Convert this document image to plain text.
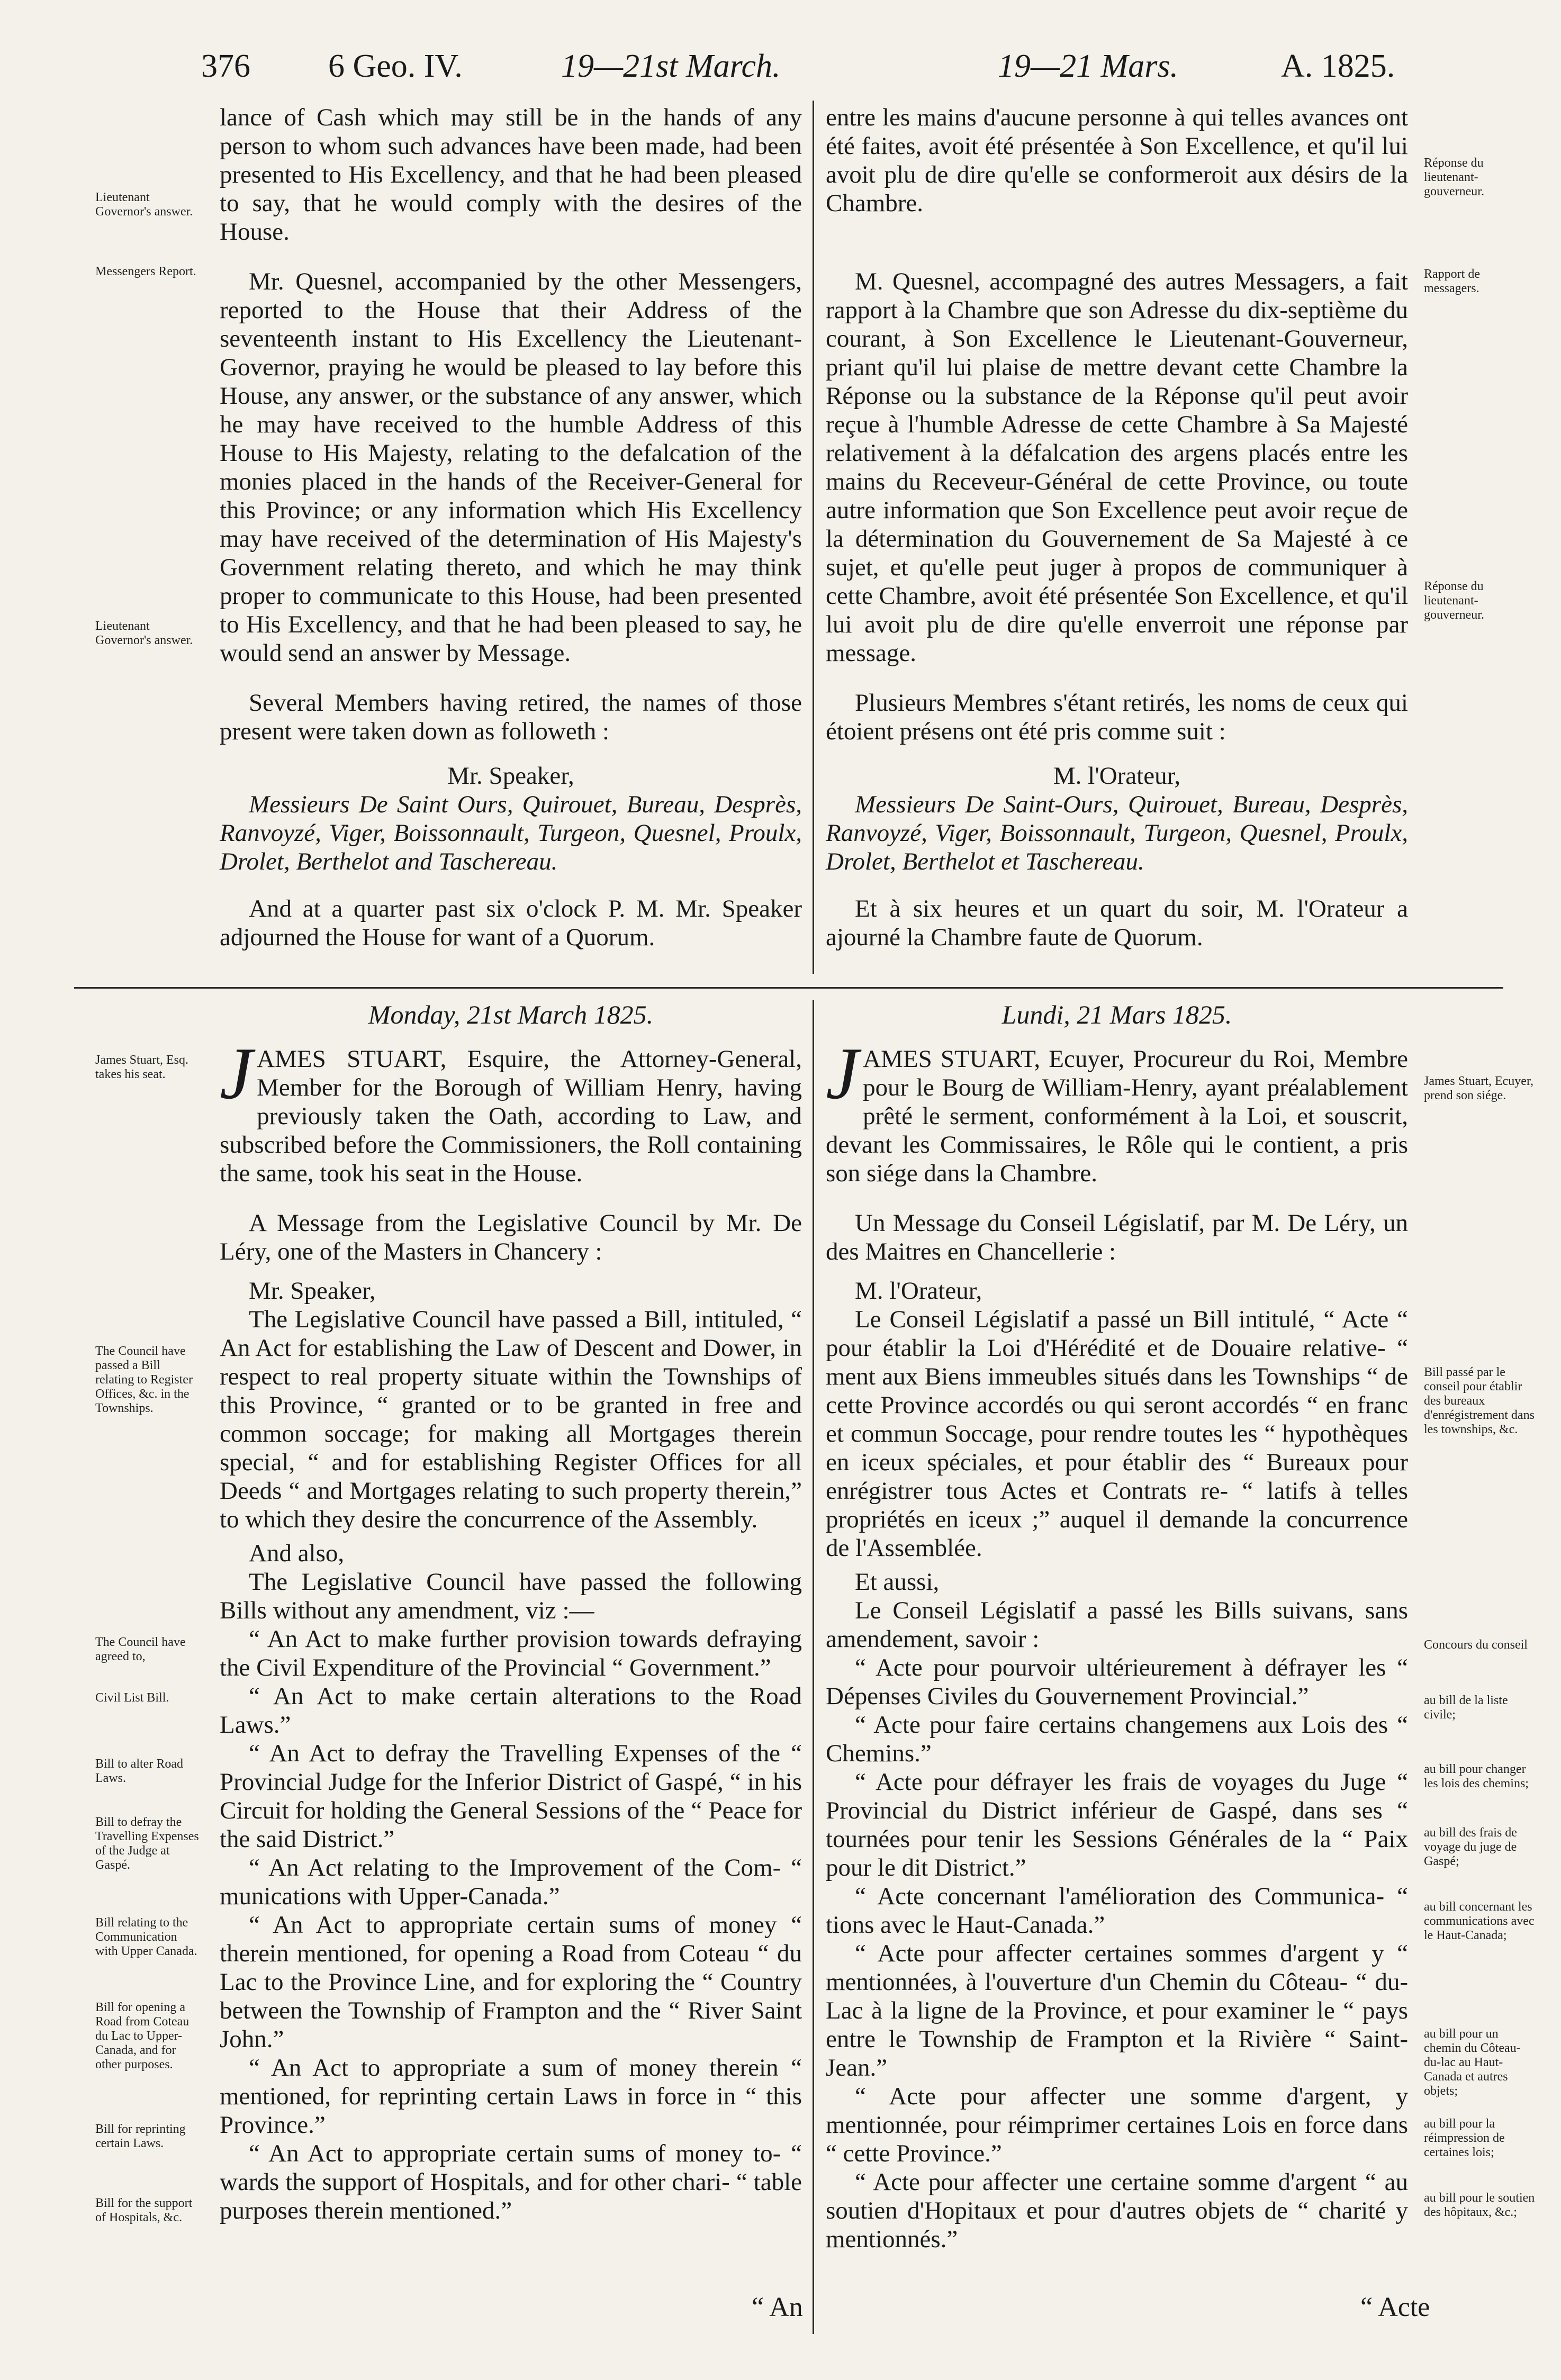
376 6 Geo. IV.	19—21st March.	19—21 Mars.	A. 1825.

lance of Cash which may still be in the hands of any person to whom such advances have been made, had been presented to His Excellency, and that he had been pleased to say, that he would comply with the desires of the House.

Mr. Quesnel, accompanied by the other Messengers, reported to the House that their Address of the seventeenth instant to His Excellency the Lieutenant-Governor, praying he would be pleased to lay before this House, any answer, or the substance of any answer, which he may have received to the humble Address of this House to His Majesty, relating to the defalcation of the monies placed in the hands of the Receiver-General for this Province; or any information which His Excellency may have received of the determination of His Majesty's Government relating thereto, and which he may think proper to communicate to this House, had been presented to His Excellency, and that he had been pleased to say, he would send an answer by Message.

Several Members having retired, the names of those present were taken down as followeth :

Mr. Speaker,

Messieurs De Saint Ours, Quirouet, Bureau, Desprès, Ranvoyzé, Viger, Boissonnault, Turgeon, Quesnel, Proulx, Drolet, Berthelot and Taschereau.

And at a quarter past six o'clock P. M. Mr. Speaker adjourned the House for want of a Quorum.

entre les mains d'aucune personne à qui telles avances ont été faites, avoit été présentée à Son Excellence, et qu'il lui avoit plu de dire qu'elle se conformeroit aux désirs de la Chambre.

M. Quesnel, accompagné des autres Messagers, a fait rapport à la Chambre que son Adresse du dix-septième du courant, à Son Excellence le Lieutenant-Gouverneur, priant qu'il lui plaise de mettre devant cette Chambre la Réponse ou la substance de la Réponse qu'il peut avoir reçue à l'humble Adresse de cette Chambre à Sa Majesté relativement à la défalcation des argens placés entre les mains du Receveur-Général de cette Province, ou toute autre information que Son Excellence peut avoir reçue de la détermination du Gouvernement de Sa Majesté à ce sujet, et qu'elle peut juger à propos de communiquer à cette Chambre, avoit été présentée Son Excellence, et qu'il lui avoit plu de dire qu'elle enverroit une réponse par message.

Plusieurs Membres s'étant retirés, les noms de ceux qui étoient présens ont été pris comme suit :

M. l'Orateur,

Messieurs De Saint-Ours, Quirouet, Bureau, Desprès, Ranvoyzé, Viger, Boissonnault, Turgeon, Quesnel, Proulx, Drolet, Berthelot et Taschereau.

Et à six heures et un quart du soir, M. l'Orateur a ajourné la Chambre faute de Quorum.

Monday, 21st March 1825.

JAMES STUART, Esquire, the Attorney-General, Member for the Borough of William Henry, having previously taken the Oath, according to Law, and subscribed before the Commissioners, the Roll containing the same, took his seat in the House.

A Message from the Legislative Council by Mr. De Léry, one of the Masters in Chancery :

Mr. Speaker,

The Legislative Council have passed a Bill, intituled, “ An Act for establishing the Law of Descent and Dower, in respect to real property situate within the Townships of this Province, “ granted or to be granted in free and common soccage; for making all Mortgages therein special, “ and for establishing Register Offices for all Deeds “ and Mortgages relating to such property therein,” to which they desire the concurrence of the Assembly.

And also,

The Legislative Council have passed the following Bills without any amendment, viz :—

“ An Act to make further provision towards defraying the Civil Expenditure of the Provincial “ Government.”

“ An Act to make certain alterations to the Road Laws.”

“ An Act to defray the Travelling Expenses of the “ Provincial Judge for the Inferior District of Gaspé, “ in his Circuit for holding the General Sessions of the “ Peace for the said District.”

“ An Act relating to the Improvement of the Com- “ munications with Upper-Canada.”

“ An Act to appropriate certain sums of money “ therein mentioned, for opening a Road from Coteau “ du Lac to the Province Line, and for exploring the “ Country between the Township of Frampton and the “ River Saint John.”

“ An Act to appropriate a sum of money therein “ mentioned, for reprinting certain Laws in force in “ this Province.”

“ An Act to appropriate certain sums of money to- “ wards the support of Hospitals, and for other chari- “ table purposes therein mentioned.”

Lundi, 21 Mars 1825.

JAMES STUART, Ecuyer, Procureur du Roi, Membre pour le Bourg de William-Henry, ayant préalablement prêté le serment, conformément à la Loi, et souscrit, devant les Commissaires, le Rôle qui le contient, a pris son siége dans la Chambre.

Un Message du Conseil Législatif, par M. De Léry, un des Maitres en Chancellerie :

M. l'Orateur,

Le Conseil Législatif a passé un Bill intitulé, “ Acte “ pour établir la Loi d'Hérédité et de Douaire relative- “ ment aux Biens immeubles situés dans les Townships “ de cette Province accordés ou qui seront accordés “ en franc et commun Soccage, pour rendre toutes les “ hypothèques en iceux spéciales, et pour établir des “ Bureaux pour enrégistrer tous Actes et Contrats re- “ latifs à telles propriétés en iceux ;” auquel il demande la concurrence de l'Assemblée.

Et aussi,

Le Conseil Législatif a passé les Bills suivans, sans amendement, savoir :

“ Acte pour pourvoir ultérieurement à défrayer les “ Dépenses Civiles du Gouvernement Provincial.”

“ Acte pour faire certains changemens aux Lois des “ Chemins.”

“ Acte pour défrayer les frais de voyages du Juge “ Provincial du District inférieur de Gaspé, dans ses “ tournées pour tenir les Sessions Générales de la “ Paix pour le dit District.”

“ Acte concernant l'amélioration des Communica- “ tions avec le Haut-Canada.”

“ Acte pour affecter certaines sommes d'argent y “ mentionnées, à l'ouverture d'un Chemin du Côteau- “ du-Lac à la ligne de la Province, et pour examiner le “ pays entre le Township de Frampton et la Rivière “ Saint-Jean.”

“ Acte pour affecter une somme d'argent, y mentionnée, pour réimprimer certaines Lois en force dans “ cette Province.”

“ Acte pour affecter une certaine somme d'argent “ au soutien d'Hopitaux et pour d'autres objets de “ charité y mentionnés.”

“ An	“ Acte
Lieutenant Governor's answer.
Messengers Report.
Lieutenant Governor's answer.
James Stuart, Esq. takes his seat.
The Council have passed a Bill relating to Register Offices, &c. in the Townships.
The Council have agreed to,
Civil List Bill.
Bill to alter Road Laws.
Bill to defray the Travelling Expenses of the Judge at Gaspé.
Bill relating to the Communication with Upper Canada.
Bill for opening a Road from Coteau du Lac to Upper-Canada, and for other purposes.
Bill for reprinting certain Laws.
Bill for the support of Hospitals, &c.
Réponse du lieutenant-gouverneur.
Rapport de messagers.
Réponse du lieutenant-gouverneur.
James Stuart, Ecuyer, prend son siége.
Bill passé par le conseil pour établir des bureaux d'enrégistrement dans les townships, &c.
Concours du conseil
au bill de la liste civile;
au bill pour changer les lois des chemins;
au bill des frais de voyage du juge de Gaspé;
au bill concernant les communications avec le Haut-Canada;
au bill pour un chemin du Côteau-du-lac au Haut-Canada et autres objets;
au bill pour la réimpression de certaines lois;
au bill pour le soutien des hôpitaux, &c.;
